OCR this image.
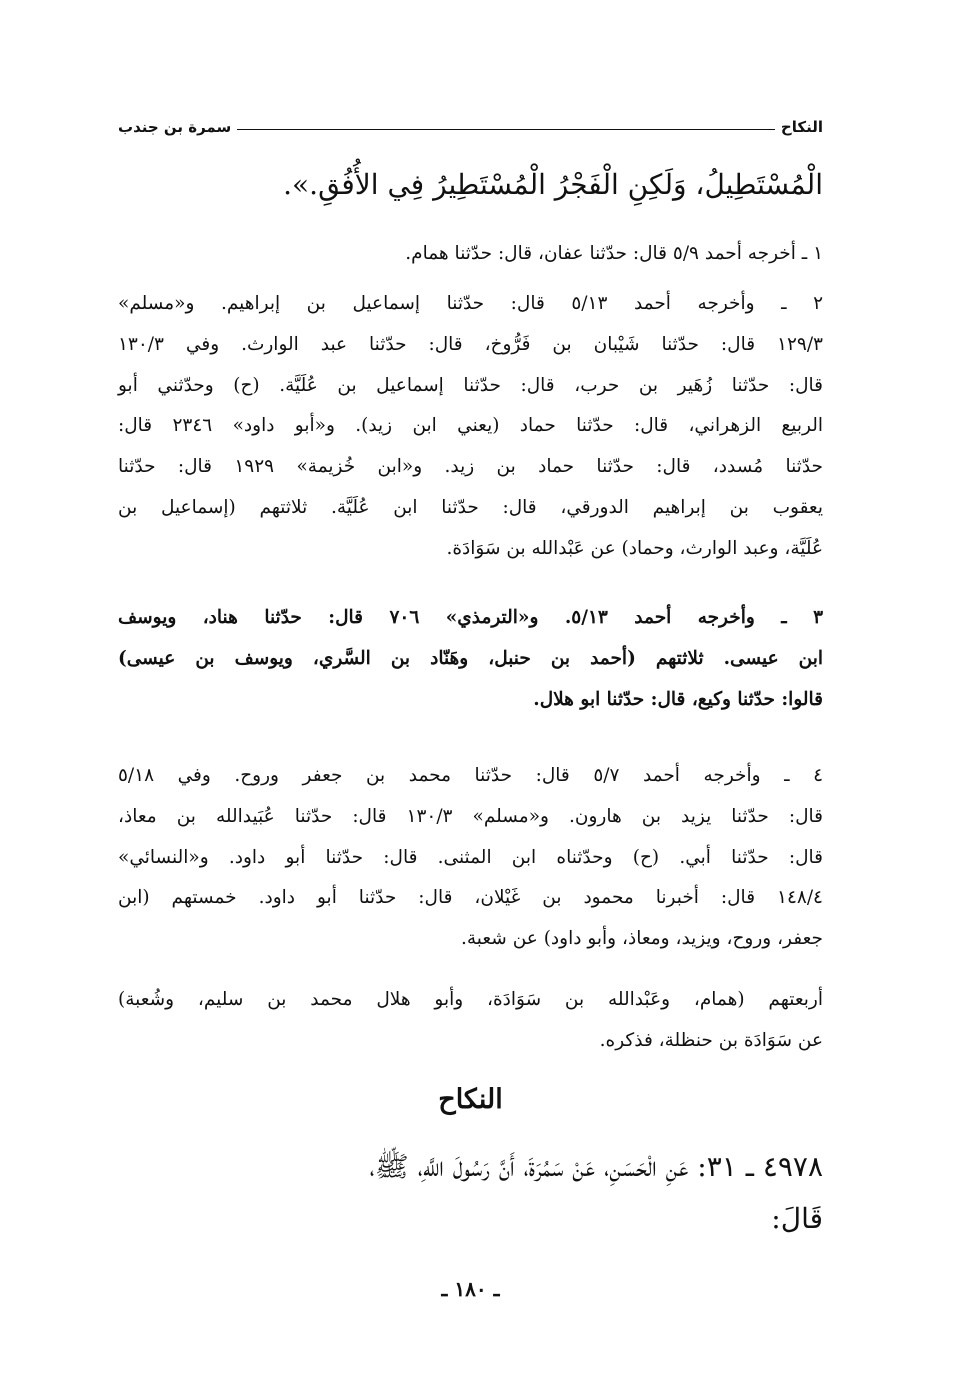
النكاح
سمرة بن جندب
الْمُسْتَطِيلُ، وَلَكِنِ الْفَجْرُ الْمُسْتَطِيرُ فِي الأُفُقِ.».
١ ـ أخرجه أحمد ٥/٩ قال: حدّثنا عفان، قال: حدّثنا همام.
٢ ـ وأخرجه أحمد ٥/١٣ قال: حدّثنا إسماعيل بن إبراهيم. و«مسلم»
١٢٩/٣ قال: حدّثنا شَيْبان بن فَرُّوخ، قال: حدّثنا عبد الوارث. وفي ١٣٠/٣
قال: حدّثنا زُهَير بن حرب، قال: حدّثنا إسماعيل بن عُلَيَّة. (ح) وحدّثني أبو
الربيع الزهراني، قال: حدّثنا حماد (يعني ابن زيد). و«أبو داود» ٢٣٤٦ قال:
حدّثنا مُسدد، قال: حدّثنا حماد بن زيد. و«ابن خُزيمة» ١٩٢٩ قال: حدّثنا
يعقوب بن إبراهيم الدورقي، قال: حدّثنا ابن عُلَيَّة. ثلاثتهم (إسماعيل بن
عُلَيَّة، وعبد الوارث، وحماد) عن عَبْدالله بن سَوَادَة.
٣ ـ وأخرجه أحمد ٥/١٣. و«الترمذي» ٧٠٦ قال: حدّثنا هناد، ويوسف
ابن عيسى. ثلاثتهم (أحمد بن حنبل، وهَنّاد بن السَّري، ويوسف بن عيسى)
قالوا: حدّثنا وكيع، قال: حدّثنا ابو هلال.
٤ ـ وأخرجه أحمد ٥/٧ قال: حدّثنا محمد بن جعفر وروح. وفي ٥/١٨
قال: حدّثنا يزيد بن هارون. و«مسلم» ١٣٠/٣ قال: حدّثنا عُبَيدالله بن معاذ،
قال: حدّثنا أبي. (ح) وحدّثناه ابن المثنى. قال: حدّثنا أبو داود. و«النسائي»
١٤٨/٤ قال: أخبرنا محمود بن غَيْلان، قال: حدّثنا أبو داود. خمستهم (ابن
جعفر، وروح، ويزيد، ومعاذ، وأبو داود) عن شعبة.
أربعتهم (همام، وعَبْدالله بن سَوَادَة، وأبو هلال محمد بن سليم، وشُعبة)
عن سَوَادَة بن حنظلة، فذكره.
النكاح
٤٩٧٨ ـ ٣١: عَنِ الْحَسَنِ، عَنْ سَمُرَةَ، أَنَّ رَسُولَ اللَّهِ، ﷺ،
قَالَ:
ـ ١٨٠ ـ
